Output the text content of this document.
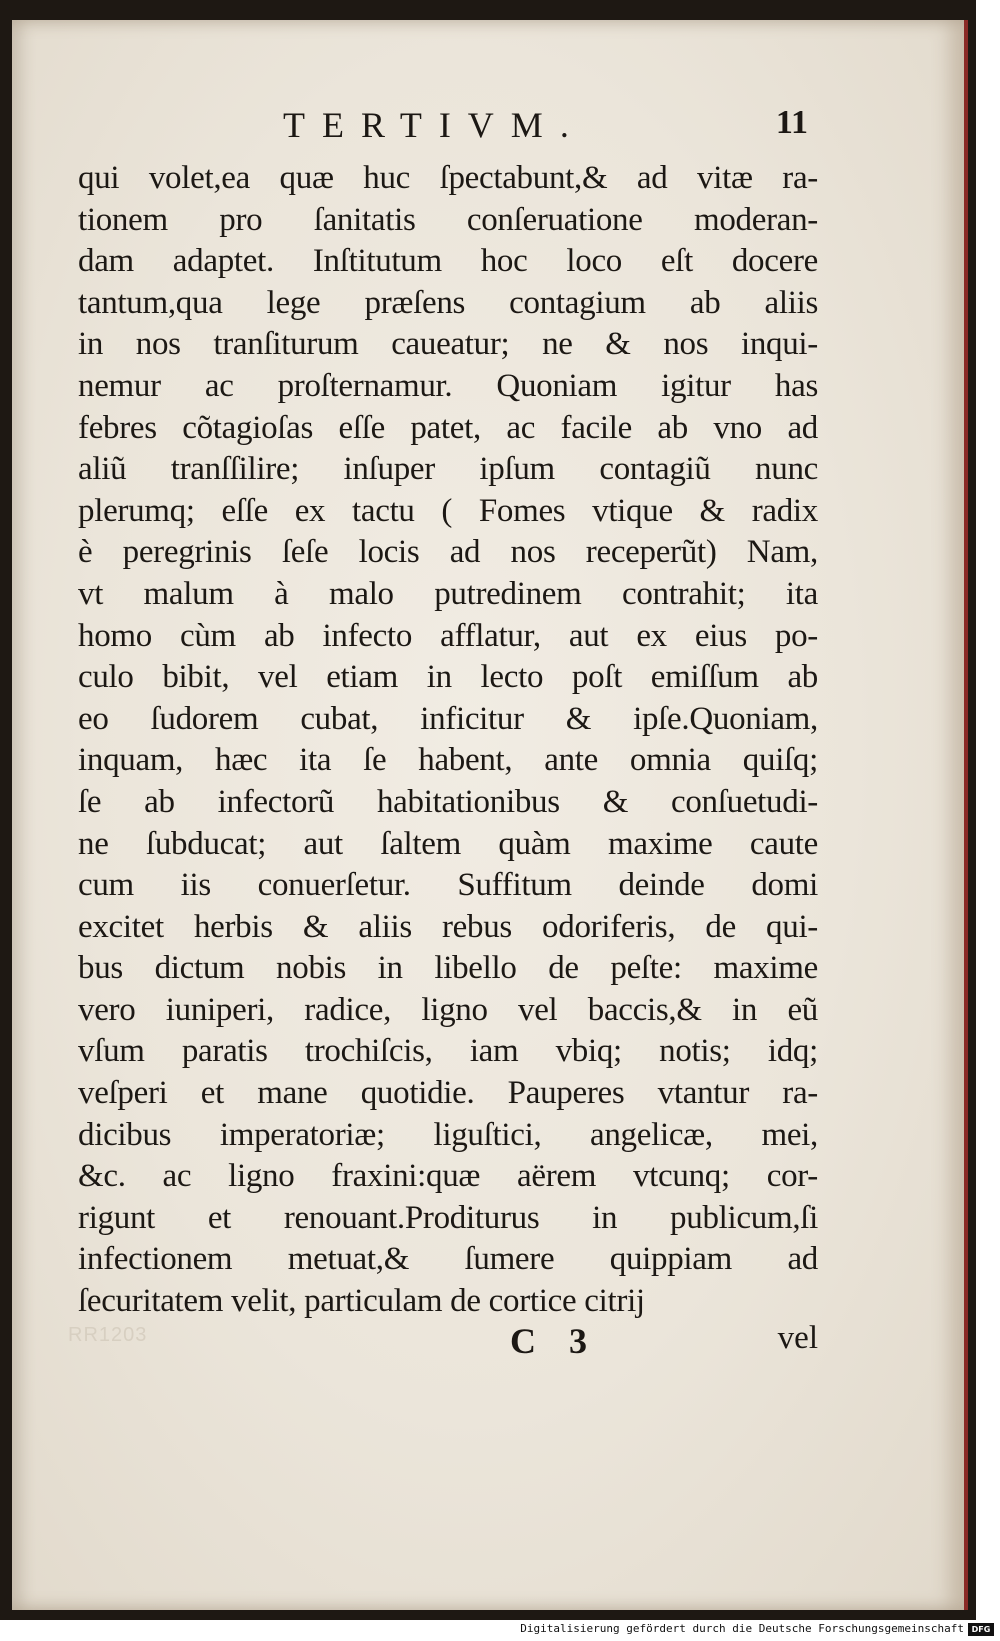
TERTIVM.	11
qui volet,ea quæ huc ſpectabunt,& ad vitæ ra-
tionem pro ſanitatis conſeruatione moderan-
dam adaptet. Inſtitutum hoc loco eſt docere
tantum,qua lege præſens contagium ab aliis
in nos tranſiturum caueatur; ne & nos inqui-
nemur ac proſternamur. Quoniam igitur has
febres cõtagioſas eſſe patet, ac facile ab vno ad
aliũ tranſſilire; inſuper ipſum contagiũ nunc
plerumq; eſſe ex tactu ( Fomes vtique & radix
è peregrinis ſeſe locis ad nos receperũt) Nam,
vt malum à malo putredinem contrahit; ita
homo cùm ab infecto afflatur, aut ex eius po-
culo bibit, vel etiam in lecto poſt emiſſum ab
eo ſudorem cubat, inficitur & ipſe.Quoniam,
inquam, hæc ita ſe habent, ante omnia quiſq;
ſe ab infectorũ habitationibus & conſuetudi-
ne ſubducat; aut ſaltem quàm maxime caute
cum iis conuerſetur. Suffitum deinde domi
excitet herbis & aliis rebus odoriferis, de qui-
bus dictum nobis in libello de peſte: maxime
vero iuniperi, radice, ligno vel baccis,& in eũ
vſum paratis trochiſcis, iam vbiq; notis; idq;
veſperi et mane quotidie. Pauperes vtantur ra-
dicibus imperatoriæ; liguſtici, angelicæ, mei,
&c. ac ligno fraxini:quæ aërem vtcunq; cor-
rigunt et renouant.Proditurus in publicum,ſi
infectionem metuat,& ſumere quippiam ad
ſecuritatem velit, particulam de cortice citrij
RR1203	C 3	vel
Digitalisierung gefördert durch die Deutsche Forschungsgemeinschaft DFG
